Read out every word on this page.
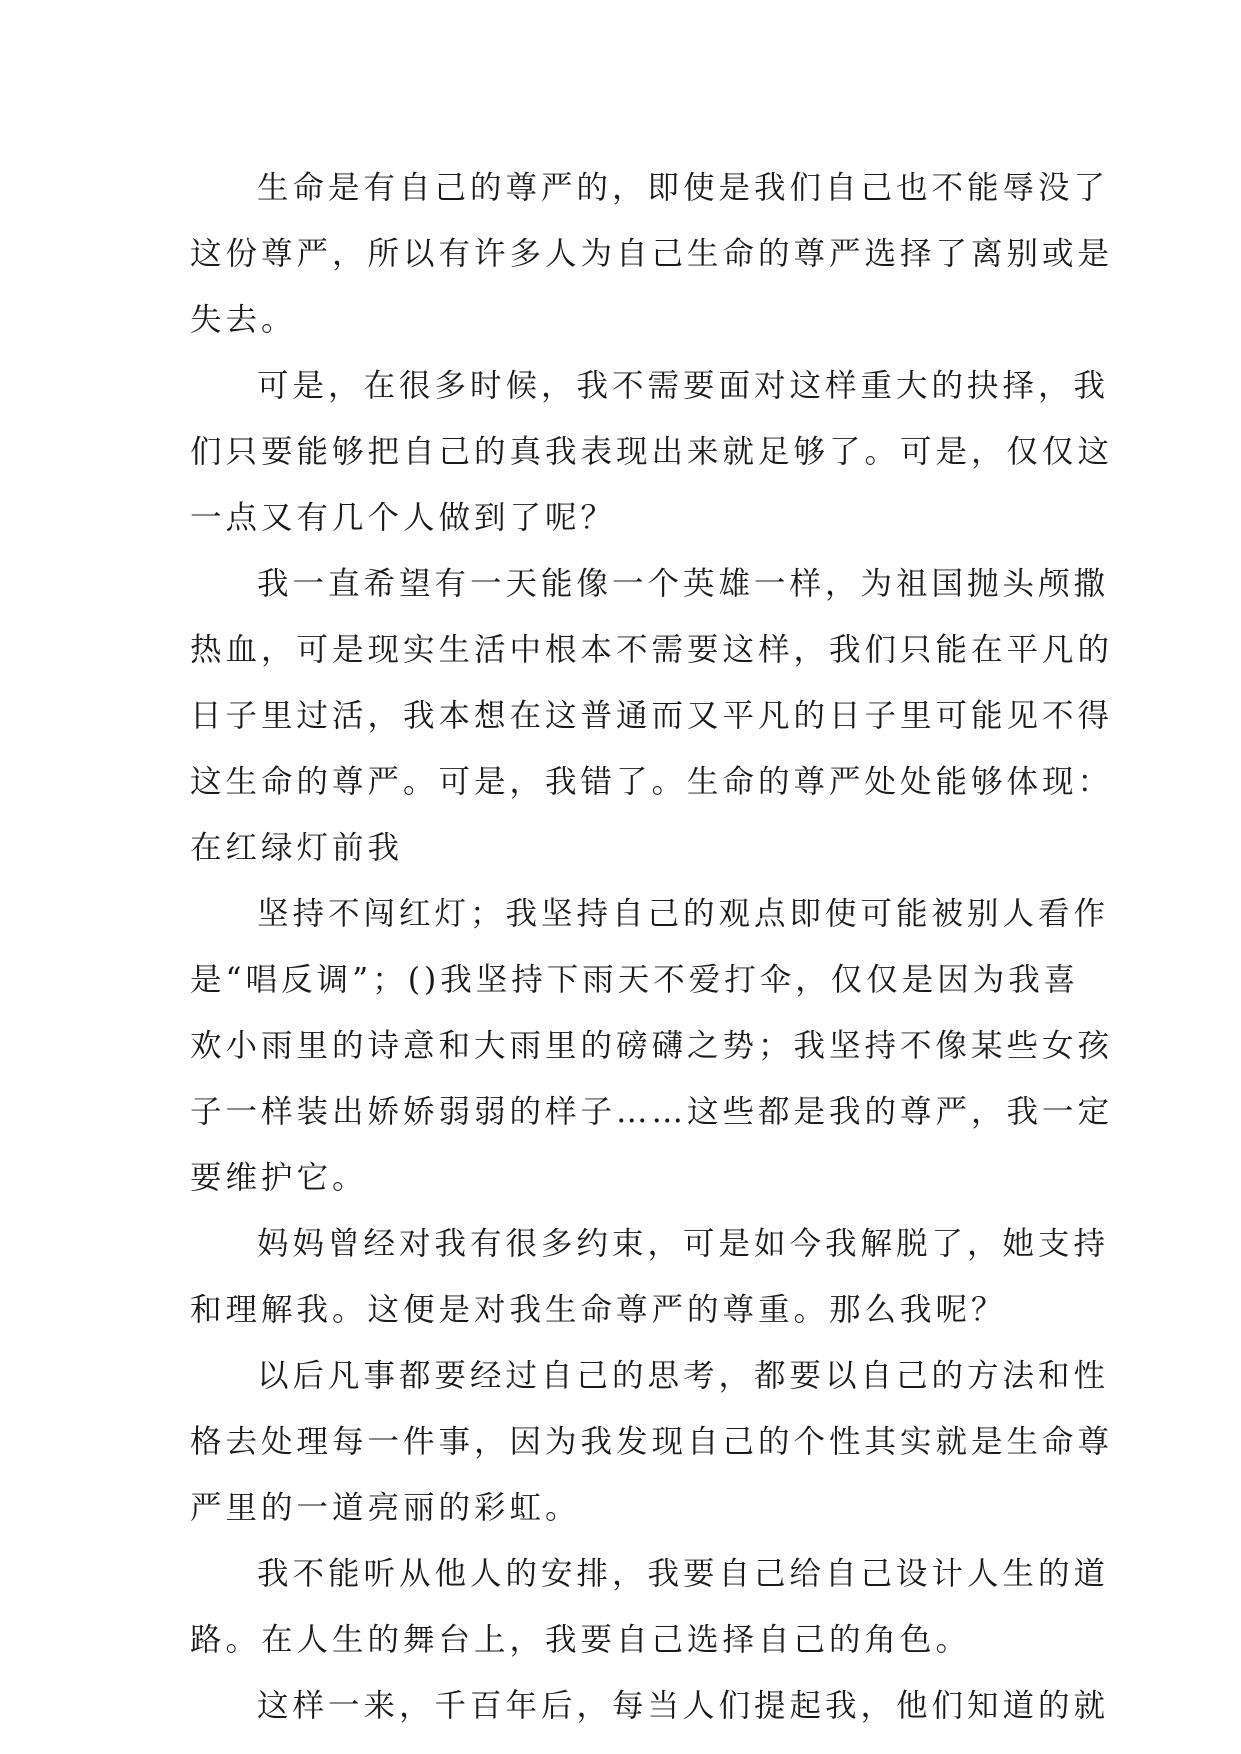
生命是有自己的尊严的，即使是我们自己也不能辱没了
这份尊严，所以有许多人为自己生命的尊严选择了离别或是
失去。

可是，在很多时候，我不需要面对这样重大的抉择，我
们只要能够把自己的真我表现出来就足够了。可是，仅仅这
一点又有几个人做到了呢？

我一直希望有一天能像一个英雄一样，为祖国抛头颅撒
热血，可是现实生活中根本不需要这样，我们只能在平凡的
日子里过活，我本想在这普通而又平凡的日子里可能见不得
这生命的尊严。可是，我错了。生命的尊严处处能够体现：
在红绿灯前我

坚持不闯红灯；我坚持自己的观点即使可能被别人看作
是“唱反调”；()我坚持下雨天不爱打伞，仅仅是因为我喜
欢小雨里的诗意和大雨里的磅礴之势；我坚持不像某些女孩
子一样装出娇娇弱弱的样子……这些都是我的尊严，我一定
要维护它。

妈妈曾经对我有很多约束，可是如今我解脱了，她支持
和理解我。这便是对我生命尊严的尊重。那么我呢？

以后凡事都要经过自己的思考，都要以自己的方法和性
格去处理每一件事，因为我发现自己的个性其实就是生命尊
严里的一道亮丽的彩虹。

我不能听从他人的安排，我要自己给自己设计人生的道
路。在人生的舞台上，我要自己选择自己的角色。

这样一来，千百年后，每当人们提起我，他们知道的就
